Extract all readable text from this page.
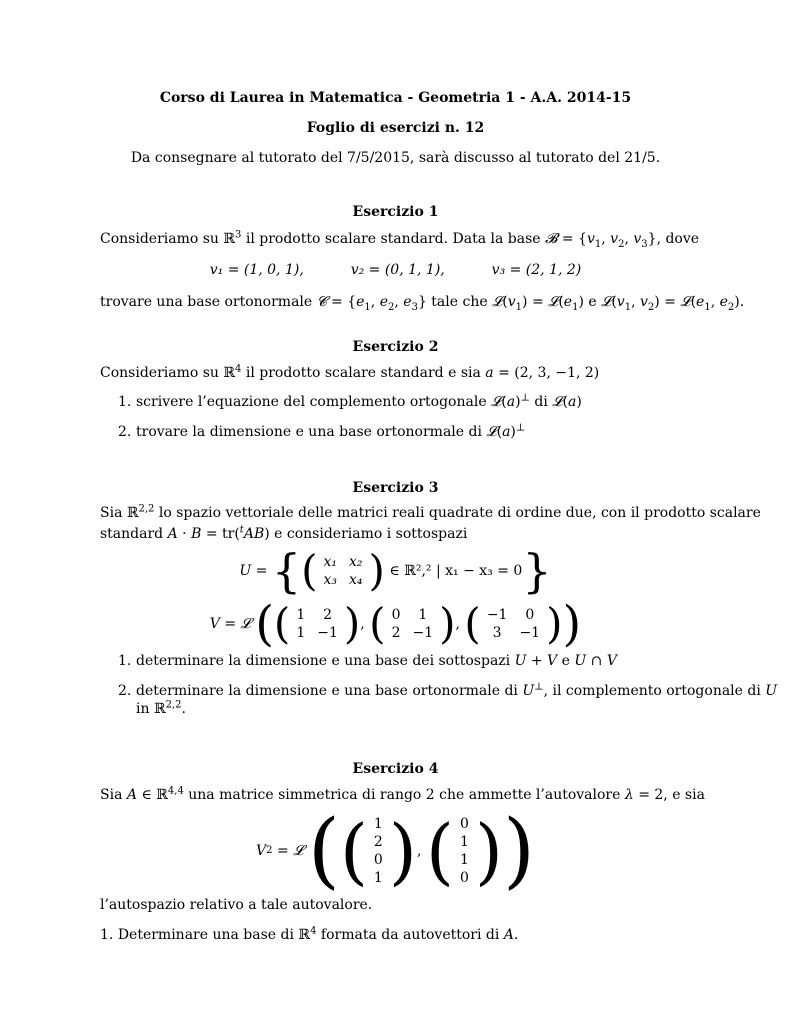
Corso di Laurea in Matematica - Geometria 1 - A.A. 2014-15
Foglio di esercizi n. 12
Da consegnare al tutorato del 7/5/2015, sarà discusso al tutorato del 21/5.
Esercizio 1
Consideriamo su ℝ$^3$ il prodotto scalare standard. Data la base 𝓑 = {$v_1$, $v_2$, $v_3$}, dove
v₁ = (1, 0, 1),	v₂ = (0, 1, 1),	v₃ = (2, 1, 2)
trovare una base ortonormale 𝓒 = {$e_1$, $e_2$, $e_3$} tale che $𝓛(v_1)$ = $𝓛(e_1)$ e $𝓛(v_1$, $v_2$) = $𝓛(e_1$, $e_2$).
Esercizio 2
Consideriamo su ℝ$^4$ il prodotto scalare standard e sia a = (2, 3, −1, 2)
1. scrivere l’equazione del complemento ortogonale 𝓛(a)⊥ di 𝓛(a)
2. trovare la dimensione e una base ortonormale di 𝓛(a)⊥
Esercizio 3
Sia ℝ$^{2,2}$ lo spazio vettoriale delle matrici reali quadrate di ordine due, con il prodotto scalare
standard A · B = tr($^t$AB) e consideriamo i sottospazi
U = {( x₁	x₂
x₃	x₄ ) ∈ ℝ²,² | x₁ − x₃ = 0}
V = 𝓛 (( 1	2
1	−1 ), ( 0	1
2	−1 ), ( −1	0
3	−1 ))
1. determinare la dimensione e una base dei sottospazi U + V e U ∩ V
2. determinare la dimensione e una base ortonormale di U⊥, il complemento ortogonale di U
in ℝ$^{2,2}$.
Esercizio 4
Sia A ∈ ℝ$^{4,4}$ una matrice simmetrica di rango 2 che ammette l’autovalore λ = 2, e sia
V2 = 𝓛 (( 1
2
0
1 ), ( 0
1
1
0 ))
l’autospazio relativo a tale autovalore.
1. Determinare una base di ℝ$^4$ formata da autovettori di A.
